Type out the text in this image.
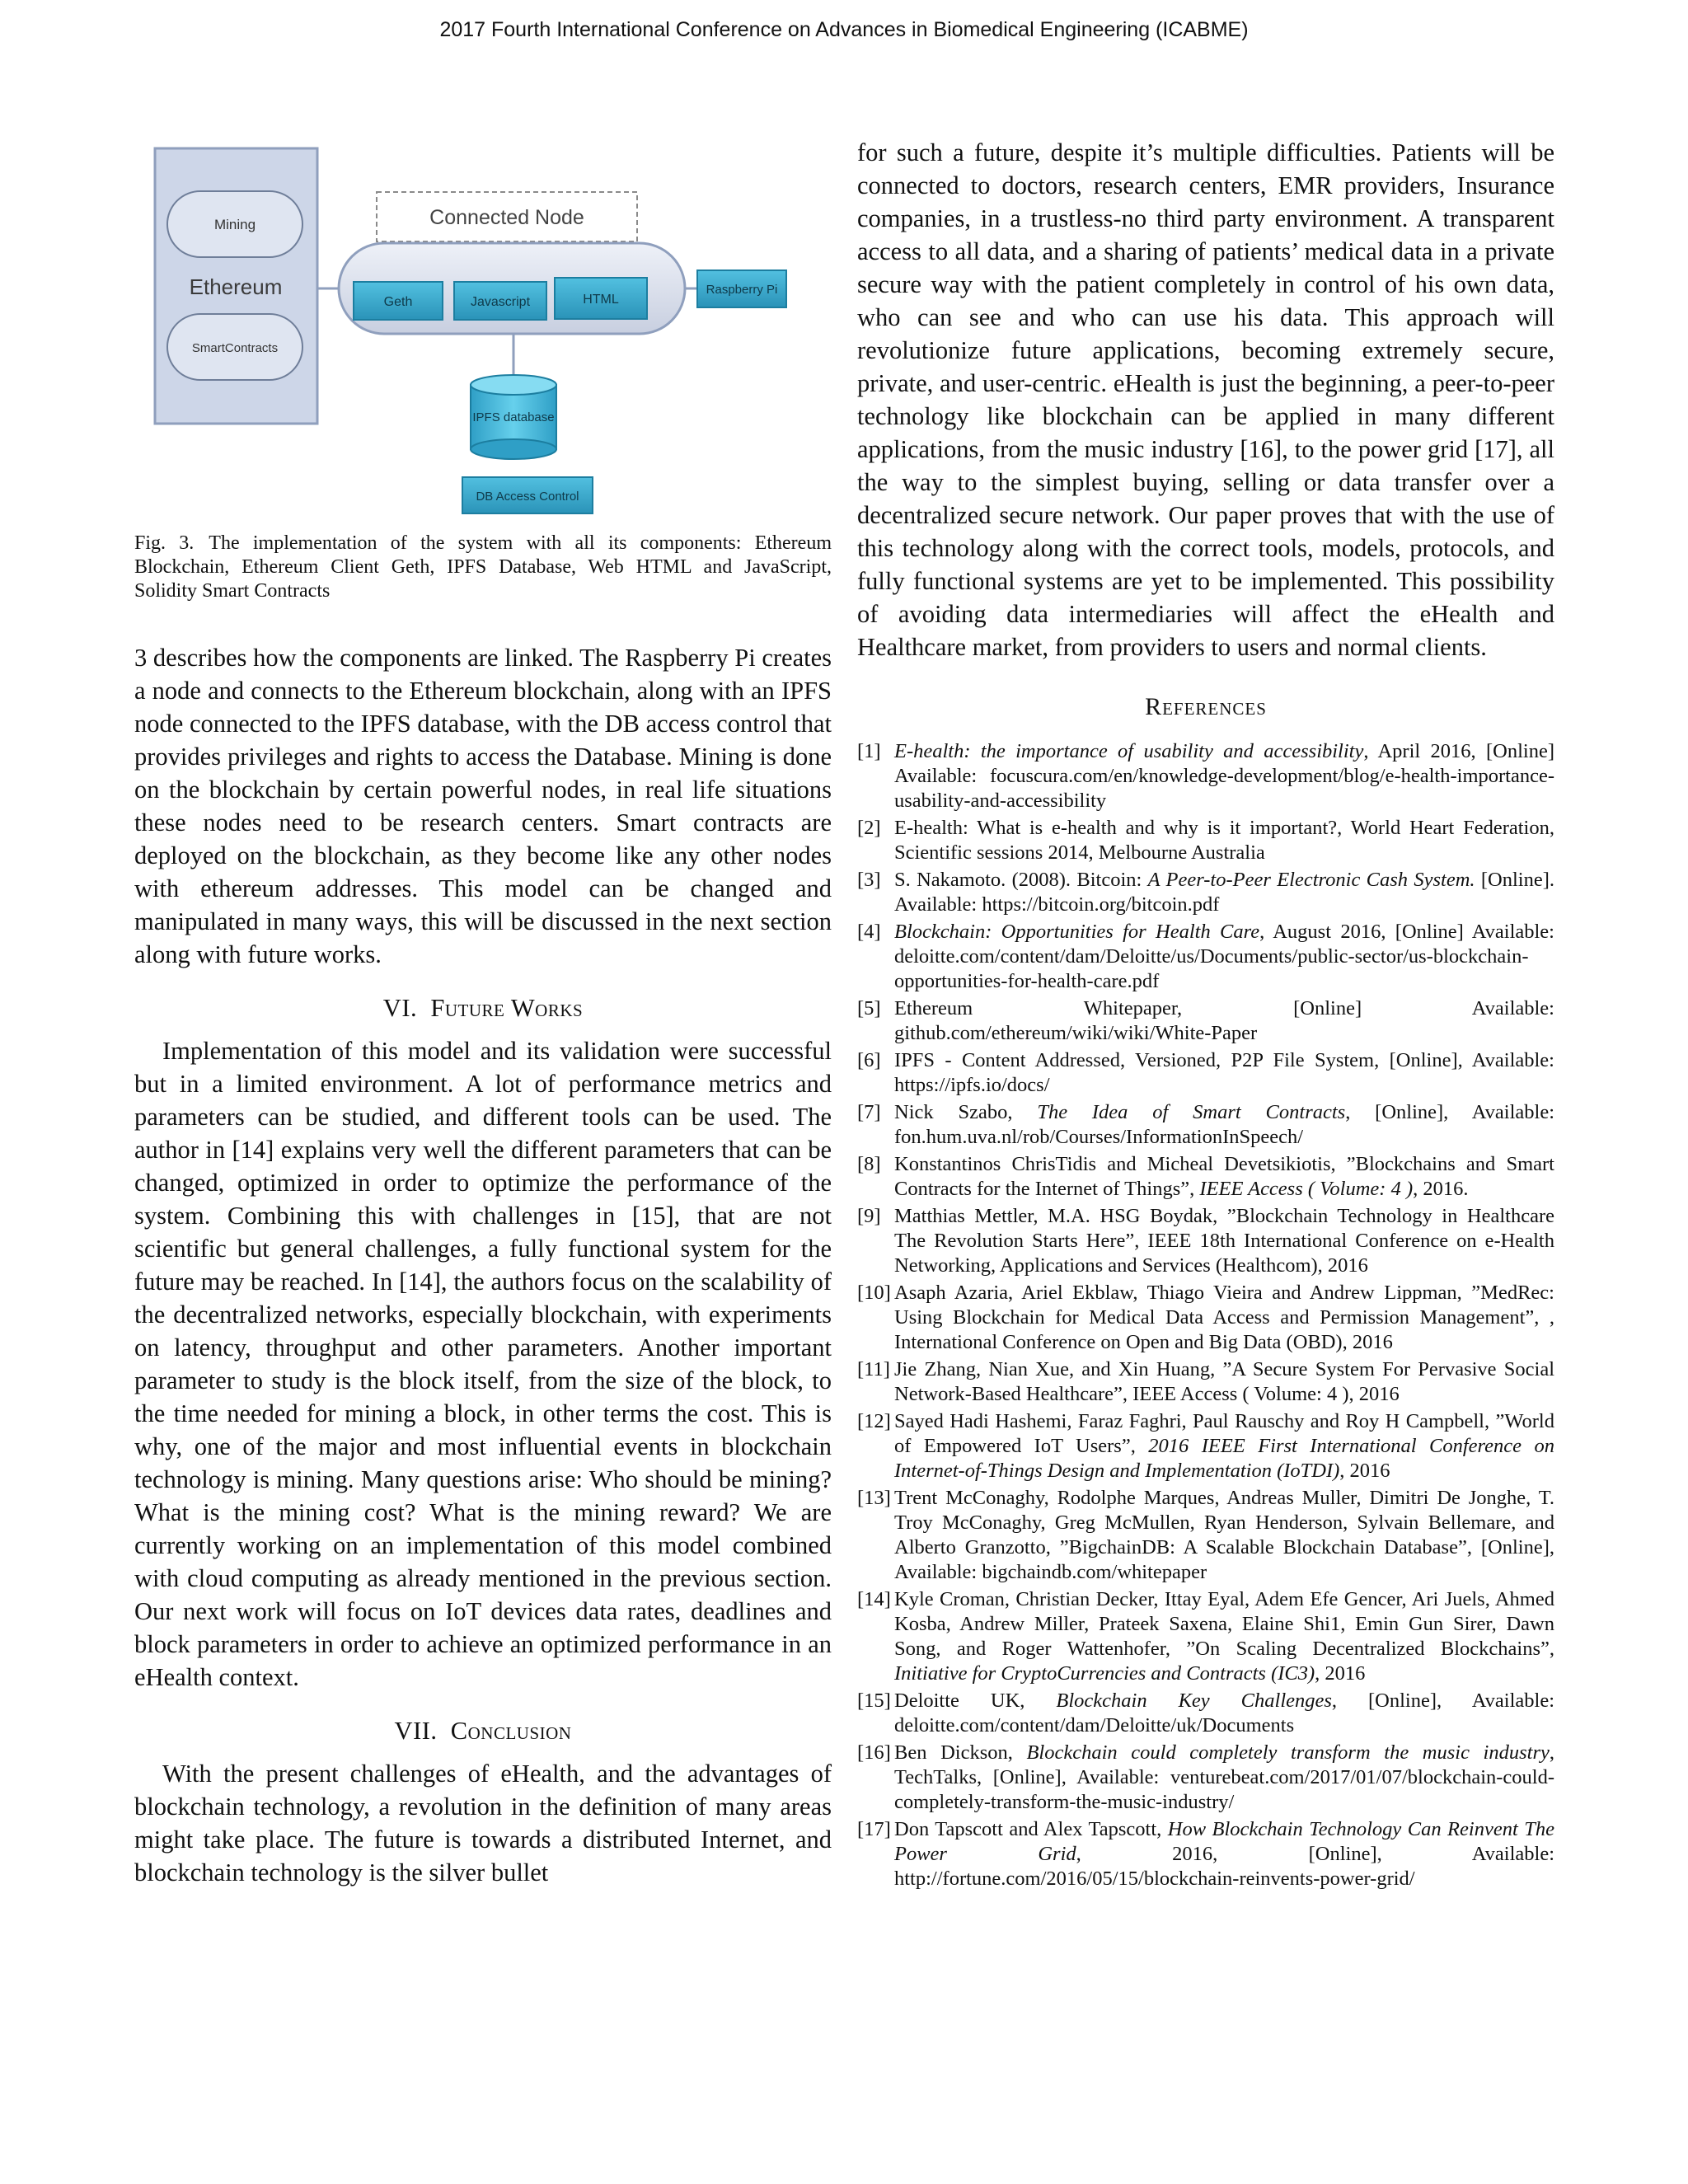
2017 Fourth International Conference on Advances in Biomedical Engineering (ICABME)
Mining
Ethereum
SmartContracts
Connected Node
Geth	Javascript	HTML
Raspberry Pi
IPFS database
DB Access Control

Fig. 3. The implementation of the system with all its components: Ethereum Blockchain, Ethereum Client Geth, IPFS Database, Web HTML and JavaScript, Solidity Smart Contracts

3 describes how the components are linked. The Raspberry Pi creates a node and connects to the Ethereum blockchain, along with an IPFS node connected to the IPFS database, with the DB access control that provides privileges and rights to access the Database. Mining is done on the blockchain by certain powerful nodes, in real life situations these nodes need to be research centers. Smart contracts are deployed on the blockchain, as they become like any other nodes with ethereum addresses. This model can be changed and manipulated in many ways, this will be discussed in the next section along with future works.

VI. Future Works

Implementation of this model and its validation were successful but in a limited environment. A lot of performance metrics and parameters can be studied, and different tools can be used. The author in [14] explains very well the different parameters that can be changed, optimized in order to optimize the performance of the system. Combining this with challenges in [15], that are not scientific but general challenges, a fully functional system for the future may be reached. In [14], the authors focus on the scalability of the decentralized networks, especially blockchain, with experiments on latency, throughput and other parameters. Another important parameter to study is the block itself, from the size of the block, to the time needed for mining a block, in other terms the cost. This is why, one of the major and most influential events in blockchain technology is mining. Many questions arise: Who should be mining? What is the mining cost? What is the mining reward? We are currently working on an implementation of this model combined with cloud computing as already mentioned in the previous section. Our next work will focus on IoT devices data rates, deadlines and block parameters in order to achieve an optimized performance in an eHealth context.

VII. Conclusion

With the present challenges of eHealth, and the advantages of blockchain technology, a revolution in the definition of many areas might take place. The future is towards a distributed Internet, and blockchain technology is the silver bullet

for such a future, despite it’s multiple difficulties. Patients will be connected to doctors, research centers, EMR providers, Insurance companies, in a trustless-no third party environment. A transparent access to all data, and a sharing of patients’ medical data in a private secure way with the patient completely in control of his own data, who can see and who can use his data. This approach will revolutionize future applications, becoming extremely secure, private, and user-centric. eHealth is just the beginning, a peer-to-peer technology like blockchain can be applied in many different applications, from the music industry [16], to the power grid [17], all the way to the simplest buying, selling or data transfer over a decentralized secure network. Our paper proves that with the use of this technology along with the correct tools, models, protocols, and fully functional systems are yet to be implemented. This possibility of avoiding data intermediaries will affect the eHealth and Healthcare market, from providers to users and normal clients.

References
[1] E-health: the importance of usability and accessibility, April 2016, [Online] Available: focuscura.com/en/knowledge-development/blog/e-health-importance-usability-and-accessibility
[2] E-health: What is e-health and why is it important?, World Heart Federation, Scientific sessions 2014, Melbourne Australia
[3] S. Nakamoto. (2008). Bitcoin: A Peer-to-Peer Electronic Cash System. [Online]. Available: https://bitcoin.org/bitcoin.pdf
[4] Blockchain: Opportunities for Health Care, August 2016, [Online] Available: deloitte.com/content/dam/Deloitte/us/Documents/public-sector/us-blockchain-opportunities-for-health-care.pdf
[5] Ethereum Whitepaper, [Online] Available: github.com/ethereum/wiki/wiki/White-Paper
[6] IPFS - Content Addressed, Versioned, P2P File System, [Online], Available: https://ipfs.io/docs/
[7] Nick Szabo, The Idea of Smart Contracts, [Online], Available: fon.hum.uva.nl/rob/Courses/InformationInSpeech/
[8] Konstantinos ChrisTidis and Micheal Devetsikiotis, ”Blockchains and Smart Contracts for the Internet of Things”, IEEE Access ( Volume: 4 ), 2016.
[9] Matthias Mettler, M.A. HSG Boydak, ”Blockchain Technology in Healthcare The Revolution Starts Here”, IEEE 18th International Conference on e-Health Networking, Applications and Services (Healthcom), 2016
[10] Asaph Azaria, Ariel Ekblaw, Thiago Vieira and Andrew Lippman, ”MedRec: Using Blockchain for Medical Data Access and Permission Management”, , International Conference on Open and Big Data (OBD), 2016
[11] Jie Zhang, Nian Xue, and Xin Huang, ”A Secure System For Pervasive Social Network-Based Healthcare”, IEEE Access ( Volume: 4 ), 2016
[12] Sayed Hadi Hashemi, Faraz Faghri, Paul Rauschy and Roy H Campbell, ”World of Empowered IoT Users”, 2016 IEEE First International Conference on Internet-of-Things Design and Implementation (IoTDI), 2016
[13] Trent McConaghy, Rodolphe Marques, Andreas Muller, Dimitri De Jonghe, T. Troy McConaghy, Greg McMullen, Ryan Henderson, Sylvain Bellemare, and Alberto Granzotto, ”BigchainDB: A Scalable Blockchain Database”, [Online], Available: bigchaindb.com/whitepaper
[14] Kyle Croman, Christian Decker, Ittay Eyal, Adem Efe Gencer, Ari Juels, Ahmed Kosba, Andrew Miller, Prateek Saxena, Elaine Shi1, Emin Gun Sirer, Dawn Song, and Roger Wattenhofer, ”On Scaling Decentralized Blockchains”, Initiative for CryptoCurrencies and Contracts (IC3), 2016
[15] Deloitte UK, Blockchain Key Challenges, [Online], Available: deloitte.com/content/dam/Deloitte/uk/Documents
[16] Ben Dickson, Blockchain could completely transform the music industry, TechTalks, [Online], Available: venturebeat.com/2017/01/07/blockchain-could-completely-transform-the-music-industry/
[17] Don Tapscott and Alex Tapscott, How Blockchain Technology Can Reinvent The Power Grid, 2016, [Online], Available: http://fortune.com/2016/05/15/blockchain-reinvents-power-grid/
